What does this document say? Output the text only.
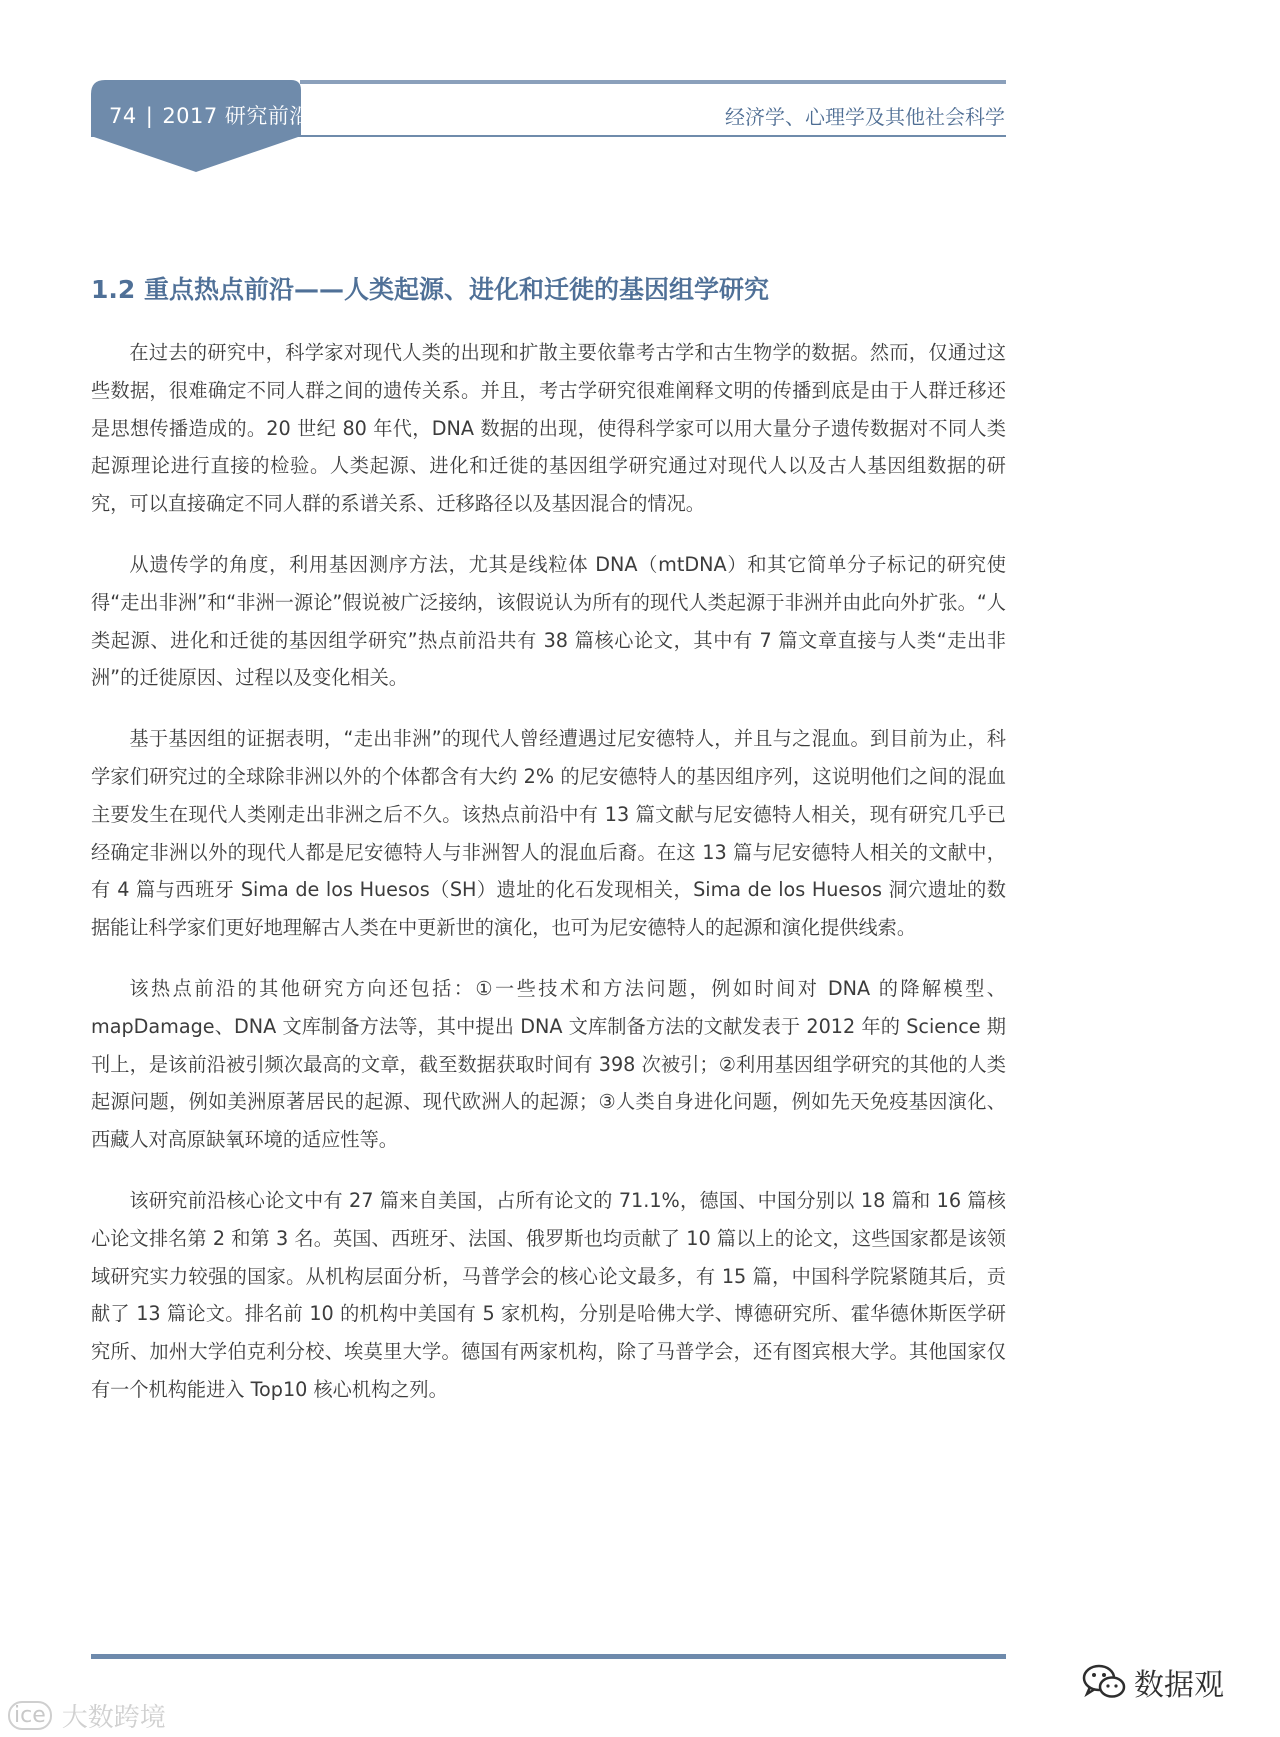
74 | 2017 研究前沿	经济学、心理学及其他社会科学
1.2 重点热点前沿——人类起源、进化和迁徙的基因组学研究

在过去的研究中，科学家对现代人类的出现和扩散主要依靠考古学和古生物学的数据。然而，仅通过这些数据，很难确定不同人群之间的遗传关系。并且，考古学研究很难阐释文明的传播到底是由于人群迁移还是思想传播造成的。20 世纪 80 年代，DNA 数据的出现，使得科学家可以用大量分子遗传数据对不同人类起源理论进行直接的检验。人类起源、进化和迁徙的基因组学研究通过对现代人以及古人基因组数据的研究，可以直接确定不同人群的系谱关系、迁移路径以及基因混合的情况。

从遗传学的角度，利用基因测序方法，尤其是线粒体 DNA（mtDNA）和其它简单分子标记的研究使得“走出非洲”和“非洲一源论”假说被广泛接纳，该假说认为所有的现代人类起源于非洲并由此向外扩张。“人类起源、进化和迁徙的基因组学研究”热点前沿共有 38 篇核心论文，其中有 7 篇文章直接与人类“走出非洲”的迁徙原因、过程以及变化相关。

基于基因组的证据表明，“走出非洲”的现代人曾经遭遇过尼安德特人，并且与之混血。到目前为止，科学家们研究过的全球除非洲以外的个体都含有大约 2% 的尼安德特人的基因组序列，这说明他们之间的混血主要发生在现代人类刚走出非洲之后不久。该热点前沿中有 13 篇文献与尼安德特人相关，现有研究几乎已经确定非洲以外的现代人都是尼安德特人与非洲智人的混血后裔。在这 13 篇与尼安德特人相关的文献中，有 4 篇与西班牙 Sima de los Huesos（SH）遗址的化石发现相关，Sima de los Huesos 洞穴遗址的数据能让科学家们更好地理解古人类在中更新世的演化，也可为尼安德特人的起源和演化提供线索。

该热点前沿的其他研究方向还包括：①一些技术和方法问题，例如时间对 DNA 的降解模型、mapDamage、DNA 文库制备方法等，其中提出 DNA 文库制备方法的文献发表于 2012 年的 Science 期刊上，是该前沿被引频次最高的文章，截至数据获取时间有 398 次被引；②利用基因组学研究的其他的人类起源问题，例如美洲原著居民的起源、现代欧洲人的起源；③人类自身进化问题，例如先天免疫基因演化、西藏人对高原缺氧环境的适应性等。

该研究前沿核心论文中有 27 篇来自美国，占所有论文的 71.1%，德国、中国分别以 18 篇和 16 篇核心论文排名第 2 和第 3 名。英国、西班牙、法国、俄罗斯也均贡献了 10 篇以上的论文，这些国家都是该领域研究实力较强的国家。从机构层面分析，马普学会的核心论文最多，有 15 篇，中国科学院紧随其后，贡献了 13 篇论文。排名前 10 的机构中美国有 5 家机构，分别是哈佛大学、博德研究所、霍华德休斯医学研究所、加州大学伯克利分校、埃莫里大学。德国有两家机构，除了马普学会，还有图宾根大学。其他国家仅有一个机构能进入 Top10 核心机构之列。

ice 大数跨境
数据观
